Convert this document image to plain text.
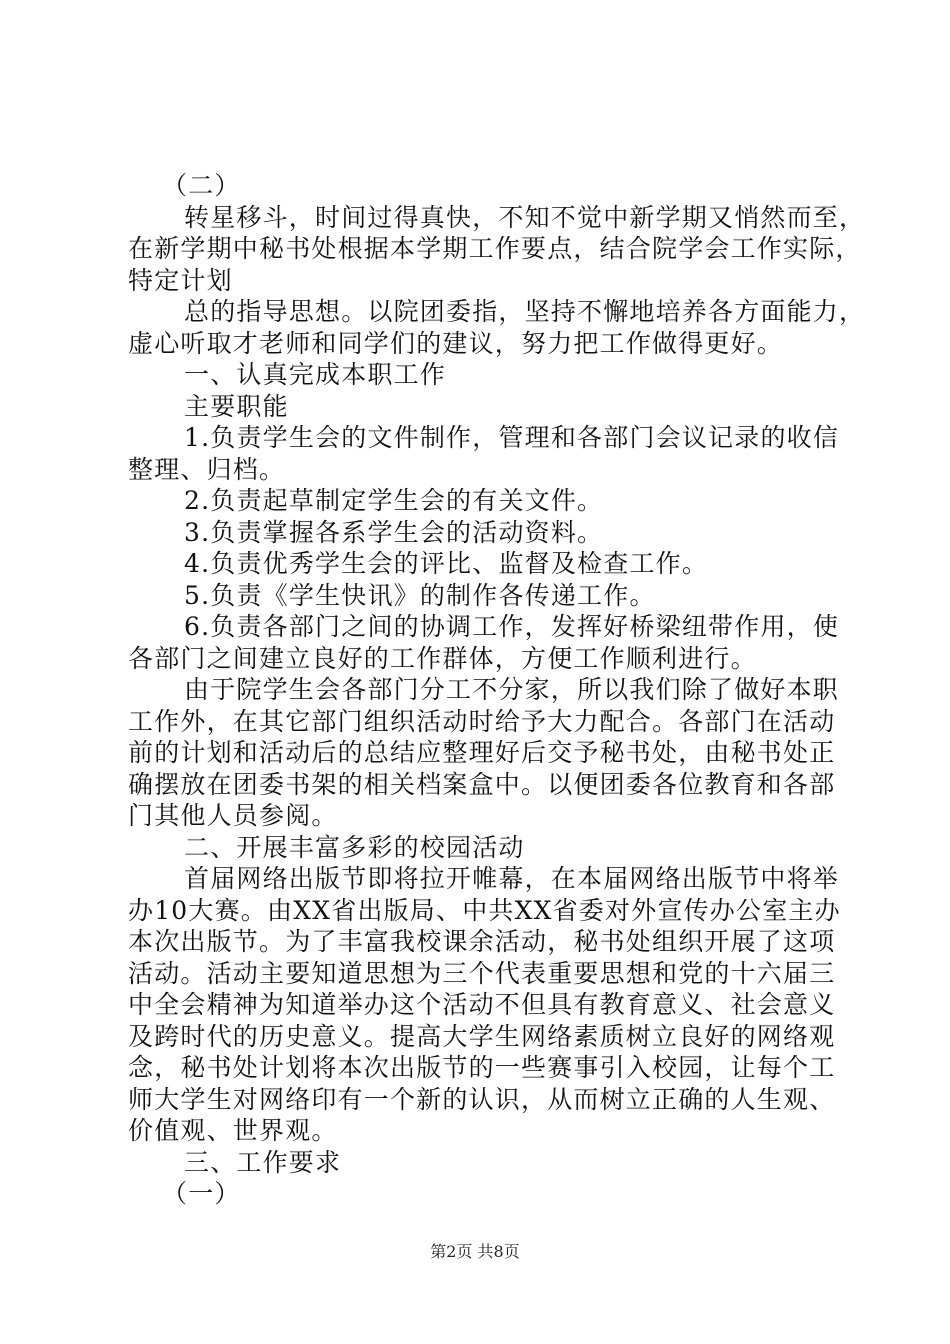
（二）
转星移斗，时间过得真快，不知不觉中新学期又悄然而至，
在新学期中秘书处根据本学期工作要点，结合院学会工作实际，
特定计划
总的指导思想。以院团委指，坚持不懈地培养各方面能力，
虚心听取才老师和同学们的建议，努力把工作做得更好。
一、认真完成本职工作
主要职能
1.负责学生会的文件制作，管理和各部门会议记录的收信
整理、归档。
2.负责起草制定学生会的有关文件。
3.负责掌握各系学生会的活动资料。
4.负责优秀学生会的评比、监督及检查工作。
5.负责《学生快讯》的制作各传递工作。
6.负责各部门之间的协调工作，发挥好桥梁纽带作用，使
各部门之间建立良好的工作群体，方便工作顺利进行。
由于院学生会各部门分工不分家，所以我们除了做好本职
工作外，在其它部门组织活动时给予大力配合。各部门在活动
前的计划和活动后的总结应整理好后交予秘书处，由秘书处正
确摆放在团委书架的相关档案盒中。以便团委各位教育和各部
门其他人员参阅。
二、开展丰富多彩的校园活动
首届网络出版节即将拉开帷幕，在本届网络出版节中将举
办10大赛。由XX省出版局、中共XX省委对外宣传办公室主办
本次出版节。为了丰富我校课余活动，秘书处组织开展了这项
活动。活动主要知道思想为三个代表重要思想和党的十六届三
中全会精神为知道举办这个活动不但具有教育意义、社会意义
及跨时代的历史意义。提高大学生网络素质树立良好的网络观
念，秘书处计划将本次出版节的一些赛事引入校园，让每个工
师大学生对网络印有一个新的认识，从而树立正确的人生观、
价值观、世界观。
三、工作要求
（一）
第2页 共8页
